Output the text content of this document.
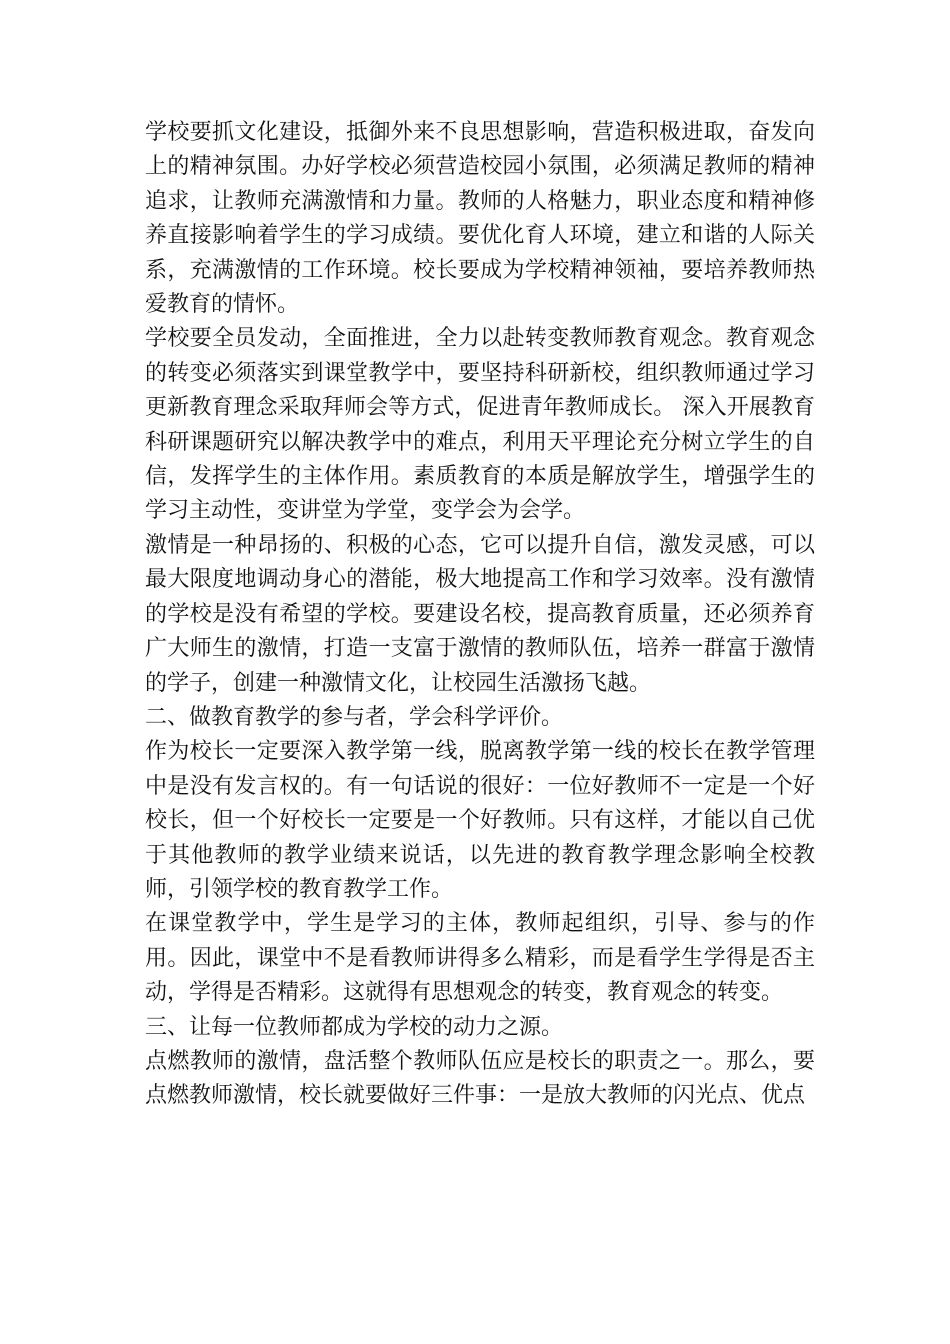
学校要抓文化建设，抵御外来不良思想影响，营造积极进取，奋发向上的精神氛围。办好学校必须营造校园小氛围，必须满足教师的精神追求，让教师充满激情和力量。教师的人格魅力，职业态度和精神修养直接影响着学生的学习成绩。要优化育人环境，建立和谐的人际关系，充满激情的工作环境。校长要成为学校精神领袖，要培养教师热爱教育的情怀。

学校要全员发动，全面推进，全力以赴转变教师教育观念。教育观念的转变必须落实到课堂教学中，要坚持科研新校，组织教师通过学习更新教育理念采取拜师会等方式，促进青年教师成长。 深入开展教育科研课题研究以解决教学中的难点，利用天平理论充分树立学生的自信，发挥学生的主体作用。素质教育的本质是解放学生，增强学生的学习主动性，变讲堂为学堂，变学会为会学。

激情是一种昂扬的、积极的心态，它可以提升自信，激发灵感，可以最大限度地调动身心的潜能，极大地提高工作和学习效率。没有激情的学校是没有希望的学校。要建设名校，提高教育质量，还必须养育广大师生的激情，打造一支富于激情的教师队伍，培养一群富于激情的学子，创建一种激情文化，让校园生活激扬飞越。

二、做教育教学的参与者，学会科学评价。

作为校长一定要深入教学第一线，脱离教学第一线的校长在教学管理中是没有发言权的。有一句话说的很好：一位好教师不一定是一个好校长，但一个好校长一定要是一个好教师。只有这样，才能以自己优于其他教师的教学业绩来说话，以先进的教育教学理念影响全校教师，引领学校的教育教学工作。

在课堂教学中，学生是学习的主体，教师起组织，引导、参与的作用。因此，课堂中不是看教师讲得多么精彩，而是看学生学得是否主动，学得是否精彩。这就得有思想观念的转变，教育观念的转变。

三、让每一位教师都成为学校的动力之源。

点燃教师的激情，盘活整个教师队伍应是校长的职责之一。那么，要点燃教师激情，校长就要做好三件事：一是放大教师的闪光点、优点
